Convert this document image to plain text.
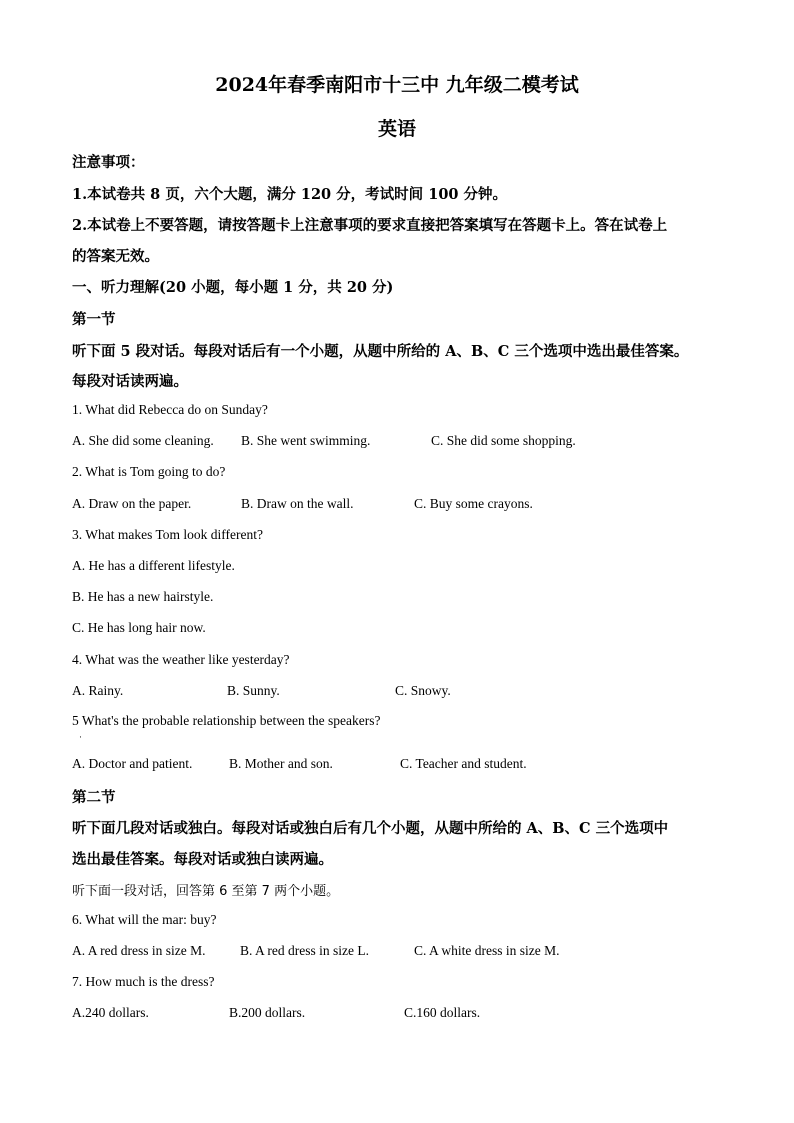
2024年春季南阳市十三中 九年级二模考试
英语
注意事项：
1.本试卷共 8 页，六个大题，满分 120 分，考试时间 100 分钟。
2.本试卷上不要答题，请按答题卡上注意事项的要求直接把答案填写在答题卡上。答在试卷上
的答案无效。
一、听力理解(20 小题，每小题 1 分，共 20 分)
第一节
听下面 5 段对话。每段对话后有一个小题，从题中所给的 A、B、C 三个选项中选出最佳答案。
每段对话读两遍。
1. What did Rebecca do on Sunday?
A. She did some cleaning. B. She went swimming.	C. She did some shopping.
2. What is Tom going to do?
A. Draw on the paper.	B. Draw on the wall.	C. Buy some crayons.
3. What makes Tom look different?
A. He has a different lifestyle.
B. He has a new hairstyle.
C. He has long hair now.
4. What was the weather like yesterday?
A. Rainy.	B. Sunny.	C. Snowy.
5 What's the probable relationship between the speakers?
·
A. Doctor and patient.	B. Mother and son.	C. Teacher and student.
第二节
听下面几段对话或独白。每段对话或独白后有几个小题，从题中所给的 A、B、C 三个选项中
选出最佳答案。每段对话或独白读两遍。
听下面一段对话，回答第 6 至第 7 两个小题。
6. What will the mar: buy?
A. A red dress in size M.	B. A red dress in size L.	C. A white dress in size M.
7. How much is the dress?
A.240 dollars.	B.200 dollars.	C.160 dollars.
